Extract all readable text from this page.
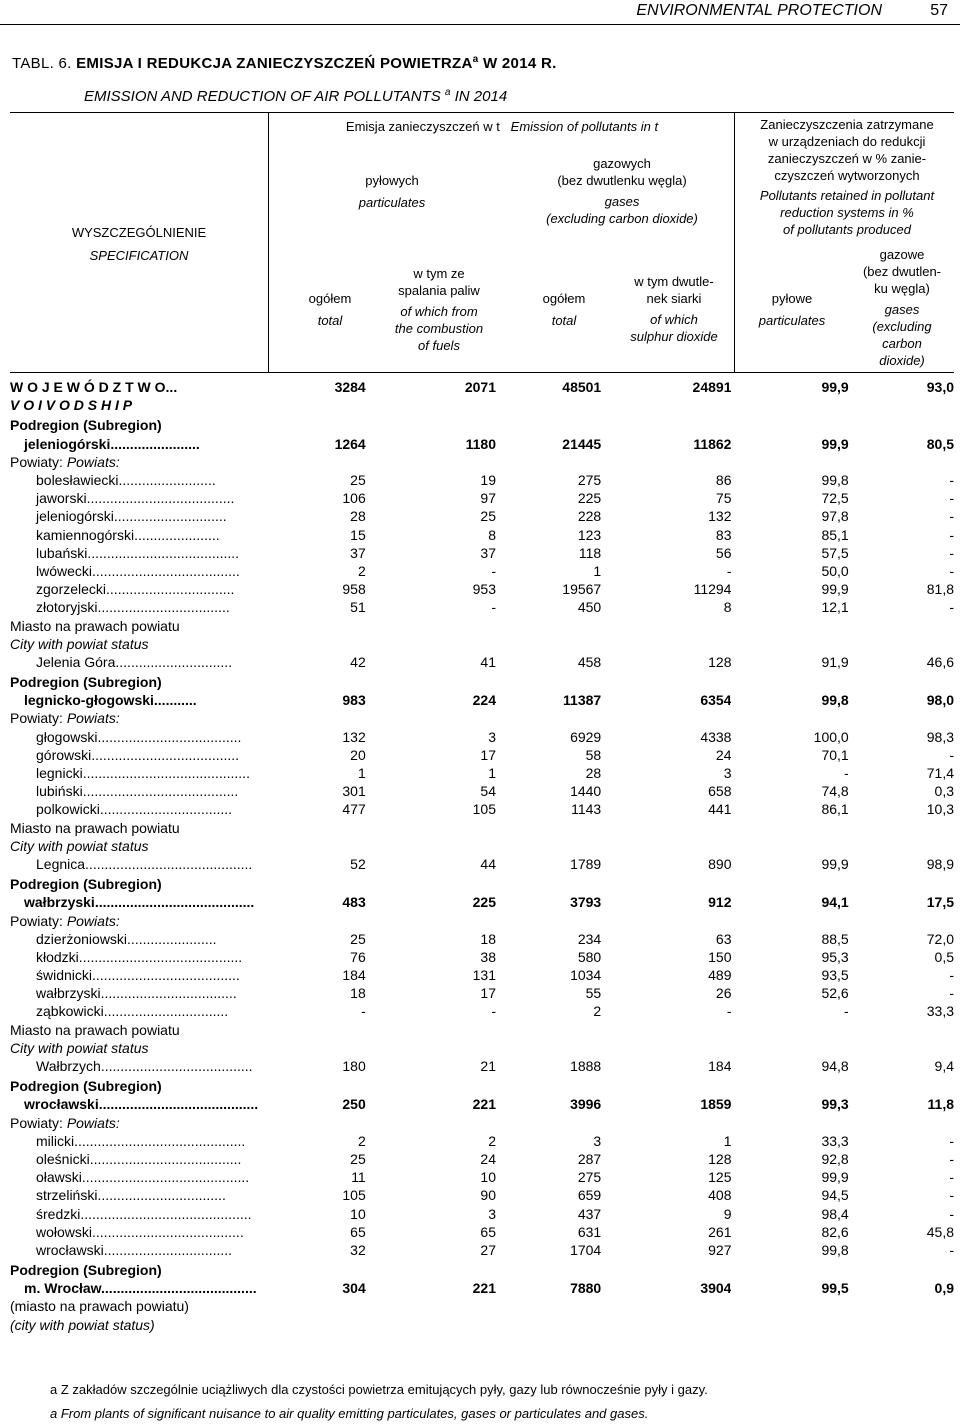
ENVIRONMENTAL PROTECTION	57
TABL. 6. EMISJA I REDUKCJA ZANIECZYSZCZEŃ POWIETRZA$^a$ W 2014 R.
EMISSION AND REDUCTION OF AIR POLLUTANTS $^a$ IN 2014
WYSZCZEGÓLNIENIE
SPECIFICATION
Emisja zanieczyszczeń w t Emission of pollutants in t
pyłowych
particulates
gazowych
(bez dwutlenku węgla)
gases
(excluding carbon dioxide)
ogółem
total
w tym ze
spalania paliw
of which from
the combustion
of fuels
ogółem
total
w tym dwutle-
nek siarki
of which
sulphur dioxide
Zanieczyszczenia zatrzymane
w urządzeniach do redukcji
zanieczyszczeń w % zanie-
czyszczeń wytworzonych
Pollutants retained in pollutant
reduction systems in %
of pollutants produced
pyłowe
particulates
gazowe
(bez dwutlen-
ku węgla)
gases
(excluding
carbon
dioxide)
W O J E W Ó D Z T W O...	3284	2071	48501	24891	99,9	93,0
V O I V O D S H I P						
Podregion (Subregion)						
jeleniogórski.......................	1264	1180	21445	11862	99,9	80,5
Powiaty: Powiats:						
bolesławiecki.........................	25	19	275	86	99,8	-
jaworski......................................	106	97	225	75	72,5	-
jeleniogórski.............................	28	25	228	132	97,8	-
kamiennogórski......................	15	8	123	83	85,1	-
lubański.......................................	37	37	118	56	57,5	-
lwówecki......................................	2	-	1	-	50,0	-
zgorzelecki.................................	958	953	19567	11294	99,9	81,8
złotoryjski..................................	51	-	450	8	12,1	-
Miasto na prawach powiatu						
City with powiat status						
Jelenia Góra..............................	42	41	458	128	91,9	46,6
Podregion (Subregion)						
legnicko-głogowski...........	983	224	11387	6354	99,8	98,0
Powiaty: Powiats:						
głogowski.....................................	132	3	6929	4338	100,0	98,3
górowski......................................	20	17	58	24	70,1	-
legnicki...........................................	1	1	28	3	-	71,4
lubiński........................................	301	54	1440	658	74,8	0,3
polkowicki..................................	477	105	1143	441	86,1	10,3
Miasto na prawach powiatu						
City with powiat status						
Legnica...........................................	52	44	1789	890	99,9	98,9
Podregion (Subregion)						
wałbrzyski.........................................	483	225	3793	912	94,1	17,5
Powiaty: Powiats:						
dzierżoniowski.......................	25	18	234	63	88,5	72,0
kłodzki..........................................	76	38	580	150	95,3	0,5
świdnicki......................................	184	131	1034	489	93,5	-
wałbrzyski...................................	18	17	55	26	52,6	-
ząbkowicki................................	-	-	2	-	-	33,3
Miasto na prawach powiatu						
City with powiat status						
Wałbrzych.......................................	180	21	1888	184	94,8	9,4
Podregion (Subregion)						
wrocławski.........................................	250	221	3996	1859	99,3	11,8
Powiaty: Powiats:						
milicki............................................	2	2	3	1	33,3	-
oleśnicki.......................................	25	24	287	128	92,8	-
oławski...........................................	11	10	275	125	99,9	-
strzeliński.................................	105	90	659	408	94,5	-
średzki............................................	10	3	437	9	98,4	-
wołowski.......................................	65	65	631	261	82,6	45,8
wrocławski.................................	32	27	1704	927	99,8	-
Podregion (Subregion)						
m. Wrocław........................................	304	221	7880	3904	99,5	0,9
(miasto na prawach powiatu)						
(city with powiat status)						
a Z zakładów szczególnie uciążliwych dla czystości powietrza emitujących pyły, gazy lub równocześnie pyły i gazy.
a From plants of significant nuisance to air quality emitting particulates, gases or particulates and gases.
